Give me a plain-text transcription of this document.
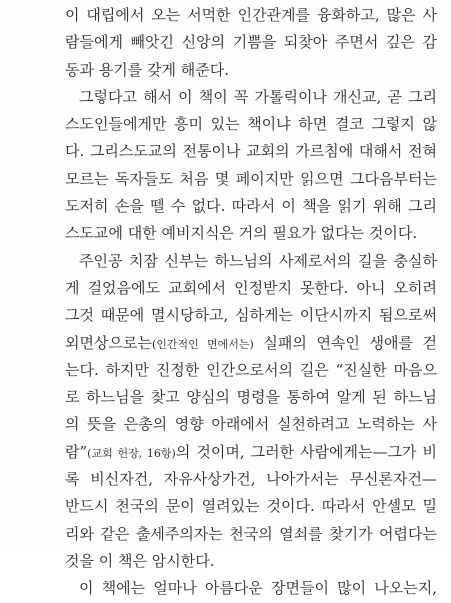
이 대립에서 오는 서먹한 인간관계를 융화하고, 많은 사
람들에게 빼앗긴 신앙의 기쁨을 되찾아 주면서 깊은 감
동과 용기를 갖게 해준다.
그렇다고 해서 이 책이 꼭 가톨릭이나 개신교, 곧 그리
스도인들에게만 흥미 있는 책이냐 하면 결코 그렇지 않
다. 그리스도교의 전통이나 교회의 가르침에 대해서 전혀
모르는 독자들도 처음 몇 페이지만 읽으면 그다음부터는
도저히 손을 뗄 수 없다. 따라서 이 책을 읽기 위해 그리
스도교에 대한 예비지식은 거의 필요가 없다는 것이다.
주인공 치잠 신부는 하느님의 사제로서의 길을 충실하
게 걸었음에도 교회에서 인정받지 못한다. 아니 오히려
그것 때문에 멸시당하고, 심하게는 이단시까지 됨으로써
외면상으로는(인간적인 면에서는) 실패의 연속인 생애를 걷
는다. 하지만 진정한 인간으로서의 길은 “진실한 마음으
로 하느님을 찾고 양심의 명령을 통하여 알게 된 하느님
의 뜻을 은총의 영향 아래에서 실천하려고 노력하는 사
람”(교회 헌장, 16항)의 것이며, 그러한 사람에게는—그가 비
록 비신자건, 자유사상가건, 나아가서는 무신론자건—
반드시 천국의 문이 열려있는 것이다. 따라서 안셀모 밀
리와 같은 출세주의자는 천국의 열쇠를 찾기가 어렵다는
것을 이 책은 암시한다.
이 책에는 얼마나 아름다운 장면들이 많이 나오는지,
